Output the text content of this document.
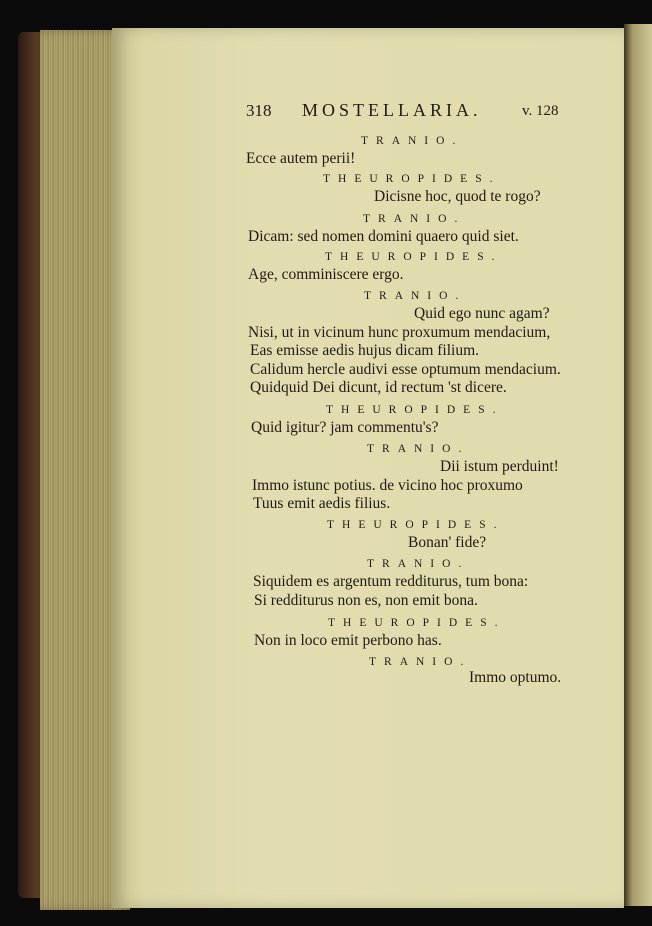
318 MOSTELLARIA.	v. 128
TRANIO.
Ecce autem perii!
THEUROPIDES.
Dicisne hoc, quod te rogo?
TRANIO.
Dicam: sed nomen domini quaero quid siet.
THEUROPIDES.
Age, comminiscere ergo.
TRANIO.
Quid ego nunc agam?
Nisi, ut in vicinum hunc proxumum mendacium,
Eas emisse aedis hujus dicam filium.
Calidum hercle audivi esse optumum mendacium.
Quidquid Dei dicunt, id rectum 'st dicere.
THEUROPIDES.
Quid igitur? jam commentu's?
TRANIO.
Dii istum perduint!
Immo istunc potius. de vicino hoc proxumo
Tuus emit aedis filius.
THEUROPIDES.
Bonan' fide?
TRANIO.
Siquidem es argentum redditurus, tum bona:
Si redditurus non es, non emit bona.
THEUROPIDES.
Non in loco emit perbono has.
TRANIO.
Immo optumo.
